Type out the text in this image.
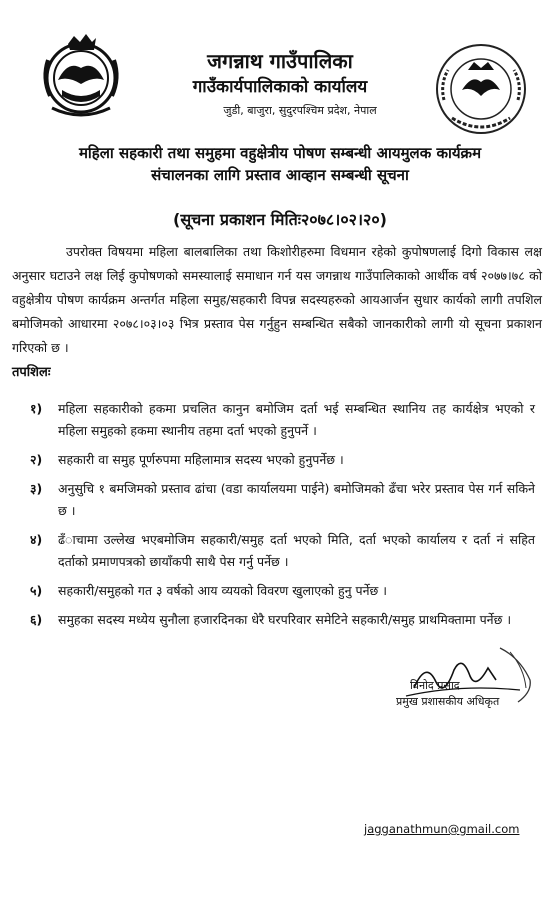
जगन्नाथ गाउँपालिका
गाउँकार्यपालिकाको कार्यालय
जुडी, बाजुरा, सुदुरपश्चिम प्रदेश, नेपाल
महिला सहकारी तथा समुहमा वहुक्षेत्रीय पोषण सम्बन्धी आयमुलक कार्यक्रम
संचालनका लागि प्रस्ताव आव्हान सम्बन्धी सूचना
(सूचना प्रकाशन मितिः२०७८।०२।२०)
उपरोक्त विषयमा महिला बालबालिका तथा किशोरीहरुमा विधमान रहेको कुपोषणलाई दिगो विकास लक्ष अनुसार घटाउने लक्ष लिई कुपोषणको समस्यालाई समाधान गर्न यस जगन्नाथ गाउँपालिकाको आर्थीक वर्ष २०७७।७८ को वहुक्षेत्रीय पोषण कार्यक्रम अन्तर्गत महिला समुह/सहकारी विपन्न सदस्यहरुको आयआर्जन सुधार कार्यको लागी तपशिल बमोजिमको आधारमा २०७८।०३।०३ भित्र प्रस्ताव पेस गर्नुहुन सम्बन्धित सबैको जानकारीको लागी यो सूचना प्रकाशन गरिएको छ ।
तपशिलः
१)	महिला सहकारीको हकमा प्रचलित कानुन बमोजिम दर्ता भई सम्बन्धित स्थानिय तह कार्यक्षेत्र भएको र महिला समुहको हकमा स्थानीय तहमा दर्ता भएको हुनुपर्ने ।
२)	सहकारी वा समुह पूर्णरुपमा महिलामात्र सदस्य भएको हुनुपर्नेछ ।
३)	अनुसुचि १ बमजिमको प्रस्ताव ढांचा (वडा कार्यालयमा पाईने) बमोजिमको ढँचा भरेर प्रस्ताव पेस गर्न सकिने छ ।
४)	ढँाचामा उल्लेख भएबमोजिम सहकारी/समुह दर्ता भएको मिति, दर्ता भएको कार्यालय र दर्ता नं सहित दर्ताको प्रमाणपत्रको छायाँकपी साथै पेस गर्नु पर्नेछ ।
५)	सहकारी/समुहको गत ३ वर्षको आय व्ययको विवरण खुलाएको हुनु पर्नेछ ।
६)	समुहका सदस्य मध्येय सुनौला हजारदिनका धेरै घरपरिवार समेटिने सहकारी/समुह प्राथमिक्तामा पर्नेछ ।
विनोद प्रसाद
प्रमुख प्रशासकीय अधिकृत
jagganathmun@gmail.com
